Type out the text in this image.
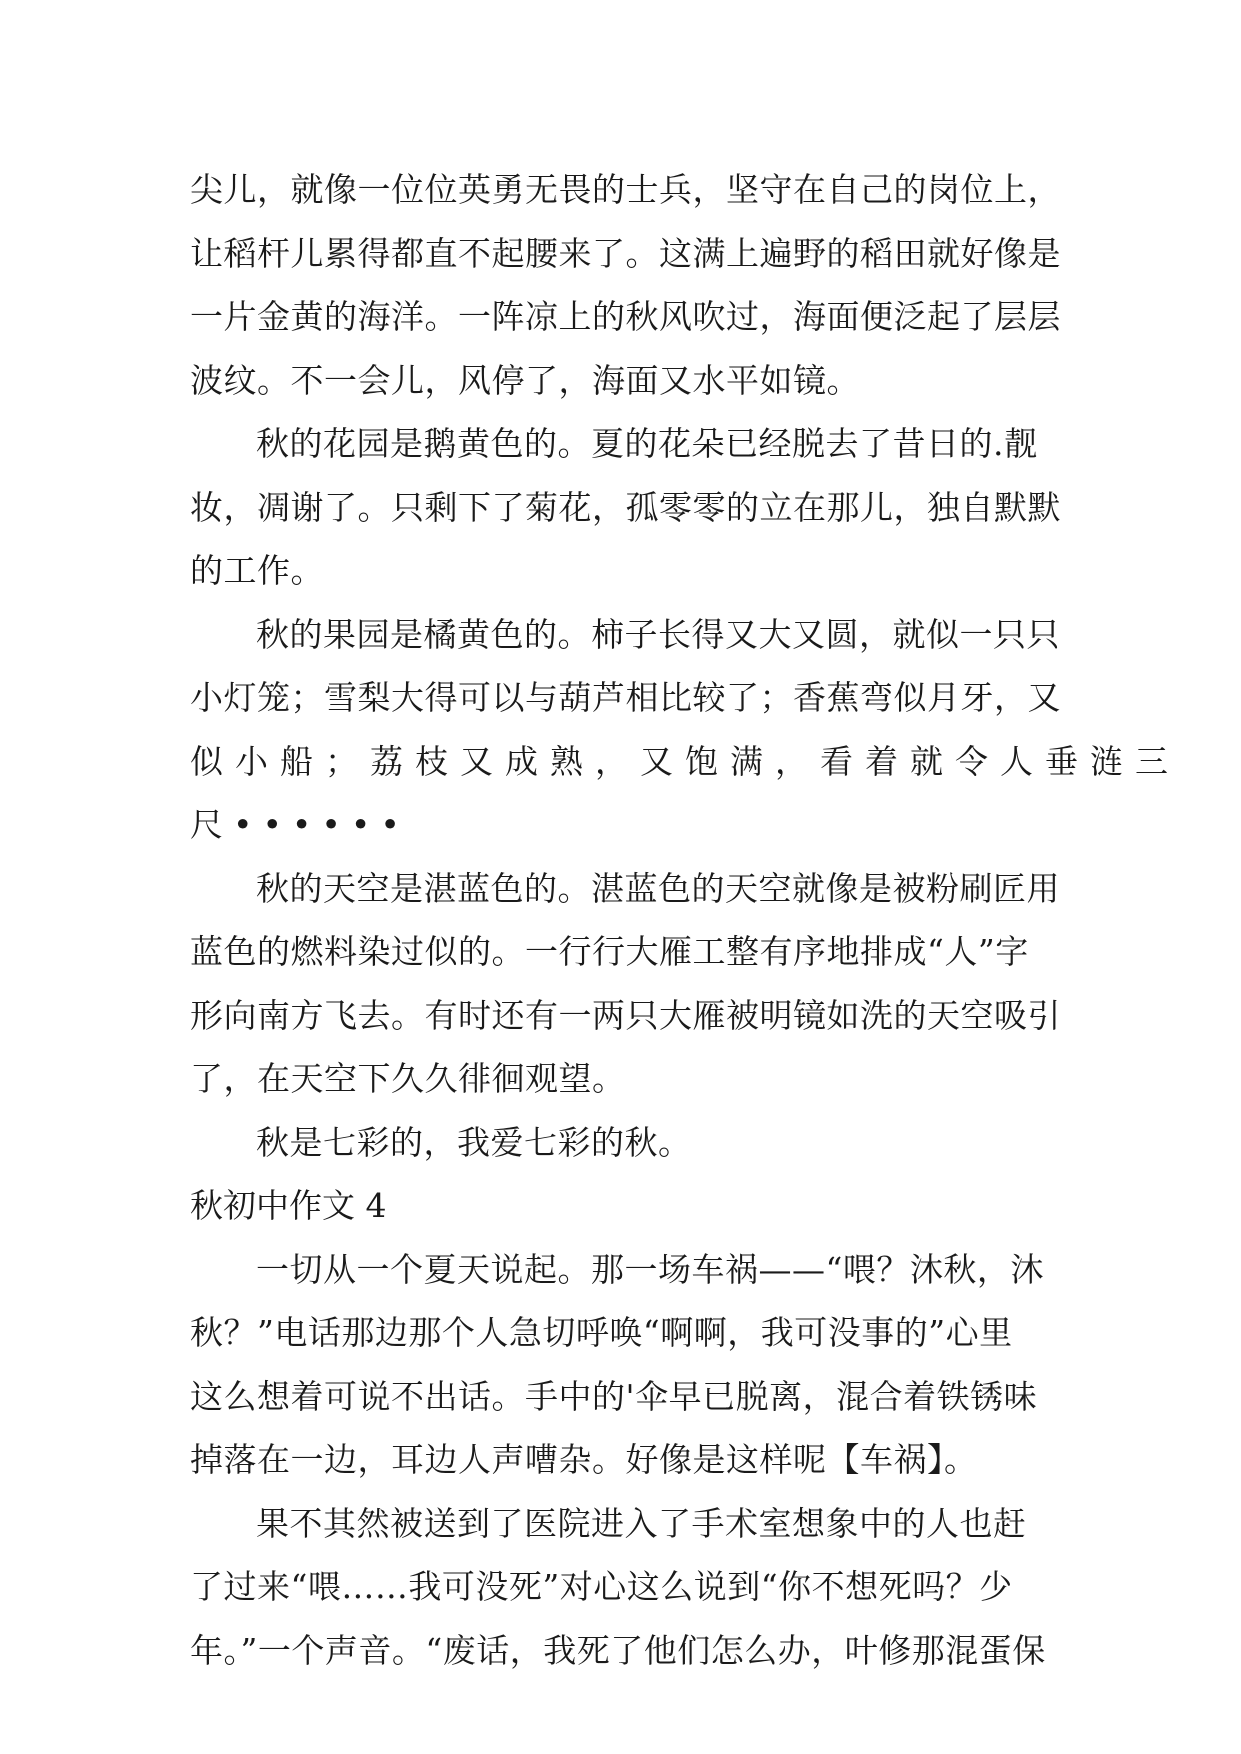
尖儿，就像一位位英勇无畏的士兵，坚守在自己的岗位上，

让稻杆儿累得都直不起腰来了。这满上遍野的稻田就好像是

一片金黄的海洋。一阵凉上的秋风吹过，海面便泛起了层层

波纹。不一会儿，风停了，海面又水平如镜。

秋的花园是鹅黄色的。夏的花朵已经脱去了昔日的.靓

妆，凋谢了。只剩下了菊花，孤零零的立在那儿，独自默默

的工作。

秋的果园是橘黄色的。柿子长得又大又圆，就似一只只

小灯笼；雪梨大得可以与葫芦相比较了；香蕉弯似月牙，又

似小船；荔枝又成熟，又饱满，看着就令人垂涟三

尺••••••

秋的天空是湛蓝色的。湛蓝色的天空就像是被粉刷匠用

蓝色的燃料染过似的。一行行大雁工整有序地排成“人”字

形向南方飞去。有时还有一两只大雁被明镜如洗的天空吸引

了，在天空下久久徘徊观望。

秋是七彩的，我爱七彩的秋。

秋初中作文 4

一切从一个夏天说起。那一场车祸——“喂？沐秋，沐

秋？”电话那边那个人急切呼唤“啊啊，我可没事的”心里

这么想着可说不出话。手中的'伞早已脱离，混合着铁锈味

掉落在一边，耳边人声嘈杂。好像是这样呢【车祸】。

果不其然被送到了医院进入了手术室想象中的人也赶

了过来“喂……我可没死”对心这么说到“你不想死吗？少

年。”一个声音。“废话，我死了他们怎么办，叶修那混蛋保
